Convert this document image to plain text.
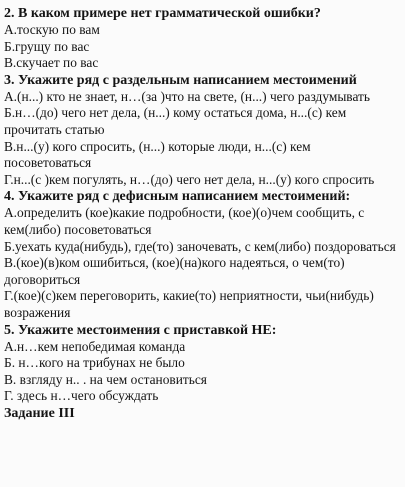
2. В каком примере нет грамматической ошибки?

А.тоскую по вам

Б.грущу по вас

В.скучает по вас

3. Укажите ряд с раздельным написанием местоимений

А.(н...) кто не знает, н…(за )что на свете, (н...) чего раздумывать

Б.н…(до) чего нет дела, (н...) кому остаться дома, н...(с) кем прочитать статью

В.н...(у) кого спросить, (н...) которые люди, н...(с) кем посоветоваться

Г.н...(с )кем погулять, н…(до) чего нет дела, н...(у) кого спросить

4. Укажите ряд с дефисным написанием местоимений:

А.определить (кое)какие подробности, (кое)(о)чем сообщить, с кем(либо) посоветоваться

Б.уехать куда(нибудь), где(то) заночевать, с кем(либо) поздороваться

В.(кое)(в)ком ошибиться, (кое)(на)кого надеяться, о чем(то) договориться

Г.(кое)(с)кем переговорить, какие(то) неприятности, чьи(нибудь) возражения

5. Укажите местоимения с приставкой НЕ:

А.н…кем непобедимая команда

Б. н…кого на трибунах не было

В. взгляду н.. . на чем остановиться

Г. здесь н…чего обсуждать

Задание III
